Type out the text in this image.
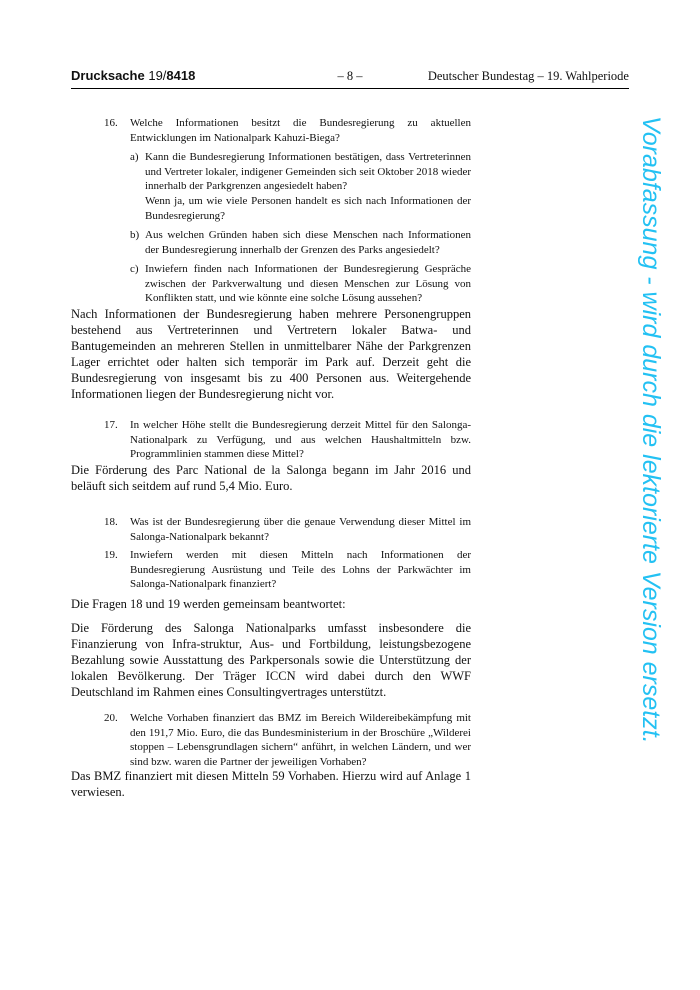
Drucksache 19/8418	– 8 –	Deutscher Bundestag – 19. Wahlperiode
16. Welche Informationen besitzt die Bundesregierung zu aktuellen Entwicklungen im Nationalpark Kahuzi-Biega?
a) Kann die Bundesregierung Informationen bestätigen, dass Vertreterinnen und Vertreter lokaler, indigener Gemeinden sich seit Oktober 2018 wieder innerhalb der Parkgrenzen angesiedelt haben?
Wenn ja, um wie viele Personen handelt es sich nach Informationen der Bundesregierung?
b) Aus welchen Gründen haben sich diese Menschen nach Informationen der Bundesregierung innerhalb der Grenzen des Parks angesiedelt?
c) Inwiefern finden nach Informationen der Bundesregierung Gespräche zwischen der Parkverwaltung und diesen Menschen zur Lösung von Konflikten statt, und wie könnte eine solche Lösung aussehen?
Nach Informationen der Bundesregierung haben mehrere Personengruppen bestehend aus Vertreterinnen und Vertretern lokaler Batwa- und Bantugemeinden an mehreren Stellen in unmittelbarer Nähe der Parkgrenzen Lager errichtet oder halten sich temporär im Park auf. Derzeit geht die Bundesregierung von insgesamt bis zu 400 Personen aus. Weitergehende Informationen liegen der Bundesregierung nicht vor.
17. In welcher Höhe stellt die Bundesregierung derzeit Mittel für den Salonga-Nationalpark zu Verfügung, und aus welchen Haushaltmitteln bzw. Programmlinien stammen diese Mittel?
Die Förderung des Parc National de la Salonga begann im Jahr 2016 und beläuft sich seitdem auf rund 5,4 Mio. Euro.
18. Was ist der Bundesregierung über die genaue Verwendung dieser Mittel im Salonga-Nationalpark bekannt?
19. Inwiefern werden mit diesen Mitteln nach Informationen der Bundesregierung Ausrüstung und Teile des Lohns der Parkwächter im Salonga-Nationalpark finanziert?
Die Fragen 18 und 19 werden gemeinsam beantwortet:
Die Förderung des Salonga Nationalparks umfasst insbesondere die Finanzierung von Infra-struktur, Aus- und Fortbildung, leistungsbezogene Bezahlung sowie Ausstattung des Parkpersonals sowie die Unterstützung der lokalen Bevölkerung. Der Träger ICCN wird dabei durch den WWF Deutschland im Rahmen eines Consultingvertrages unterstützt.
20. Welche Vorhaben finanziert das BMZ im Bereich Wildereibekämpfung mit den 191,7 Mio. Euro, die das Bundesministerium in der Broschüre „Wilderei stoppen – Lebensgrundlagen sichern“ anführt, in welchen Ländern, und wer sind bzw. waren die Partner der jeweiligen Vorhaben?
Das BMZ finanziert mit diesen Mitteln 59 Vorhaben. Hierzu wird auf Anlage 1 verwiesen.
Vorabfassung - wird durch die lektorierte Version ersetzt.
